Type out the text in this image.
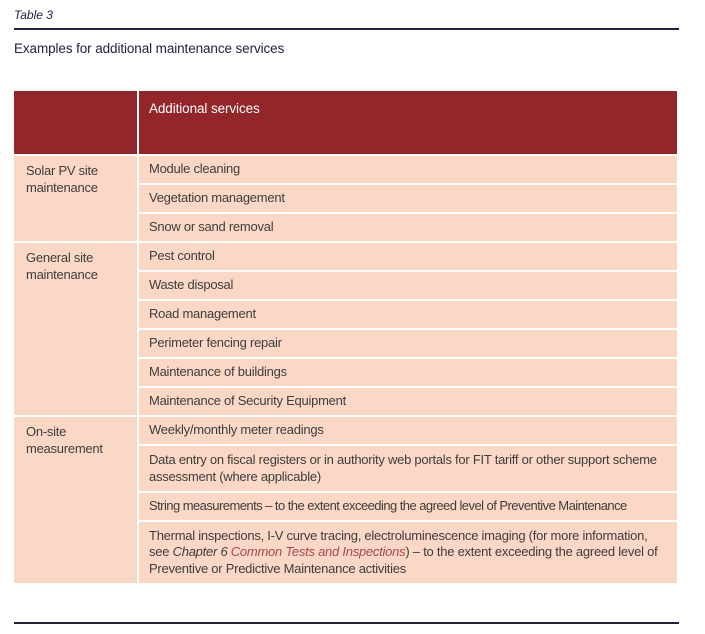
Table 3
Examples for additional maintenance services
	Additional services
Solar PV site maintenance	Module cleaning
	Vegetation management
	Snow or sand removal
General site maintenance	Pest control
	Waste disposal
	Road management
	Perimeter fencing repair
	Maintenance of buildings
	Maintenance of Security Equipment
On-site measurement	Weekly/monthly meter readings
	Data entry on fiscal registers or in authority web portals for FIT tariff or other support scheme assessment (where applicable)
	String measurements – to the extent exceeding the agreed level of Preventive Maintenance
	Thermal inspections, I-V curve tracing, electroluminescence imaging (for more information,  see Chapter 6 Common Tests and Inspections) – to the extent exceeding the agreed level of Preventive or Predictive Maintenance activities
